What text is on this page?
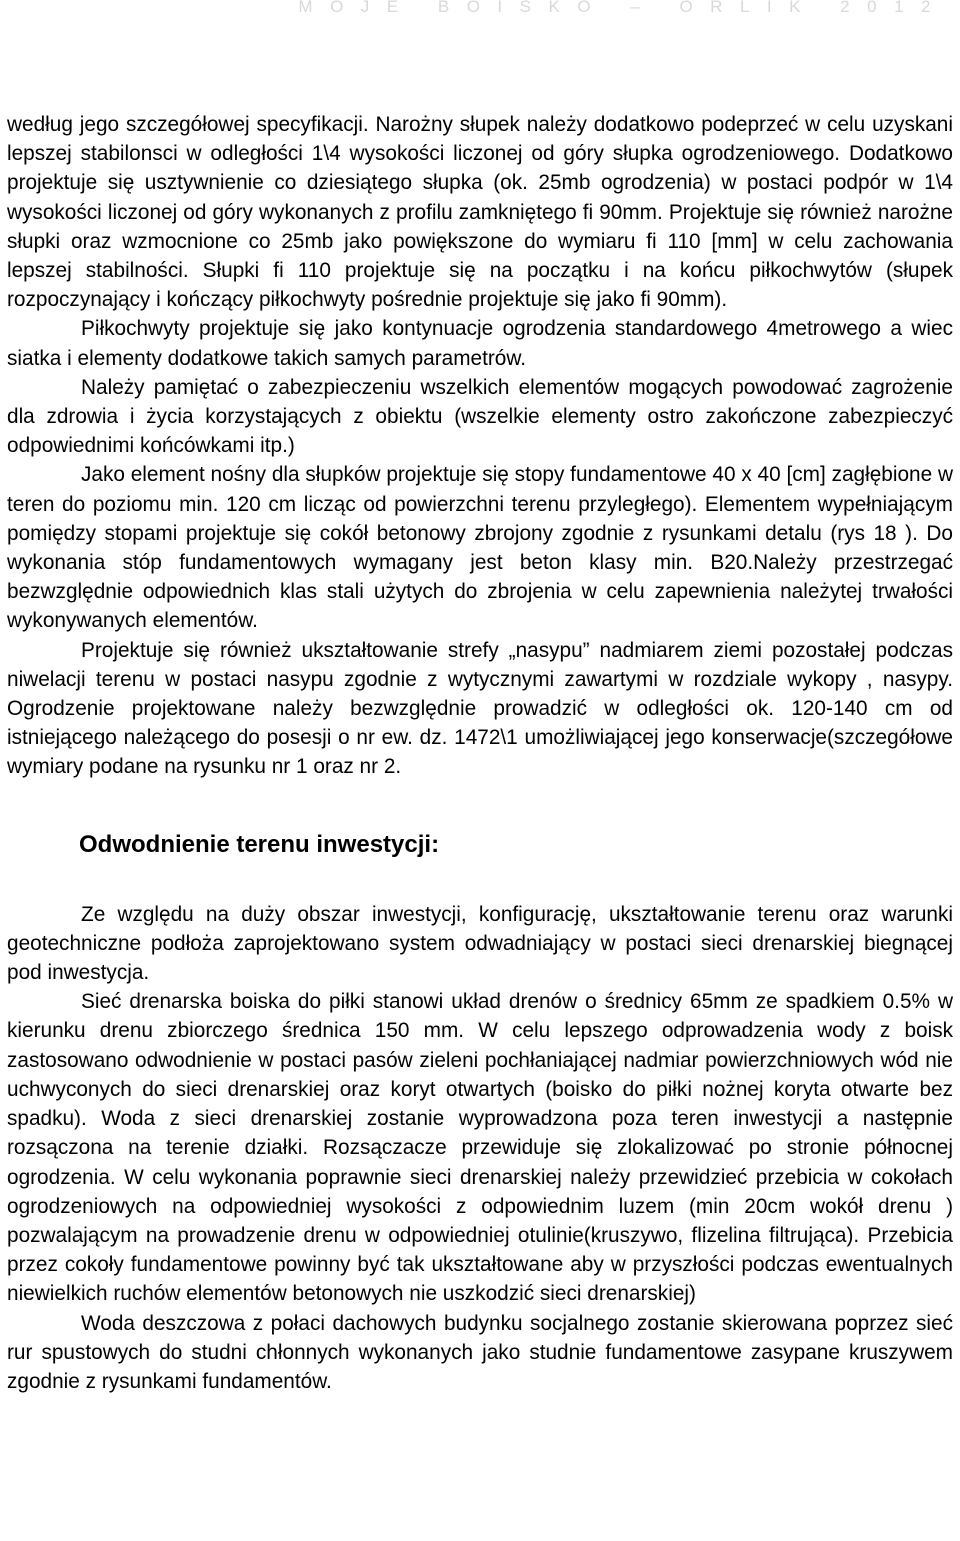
MOJE BOISKO – ORLIK 2012

według jego szczegółowej specyfikacji. Narożny słupek należy dodatkowo podeprzeć w celu uzyskani lepszej stabilonsci w odległości 1\4 wysokości liczonej od góry słupka ogrodzeniowego. Dodatkowo projektuje się usztywnienie co dziesiątego słupka (ok. 25mb ogrodzenia) w postaci podpór w 1\4 wysokości liczonej od góry wykonanych z profilu zamkniętego fi 90mm. Projektuje się również narożne słupki oraz wzmocnione co 25mb jako powiększone do wymiaru fi 110 [mm] w celu zachowania lepszej stabilności. Słupki fi 110 projektuje się na początku i na końcu piłkochwytów (słupek rozpoczynający i kończący piłkochwyty pośrednie projektuje się jako fi 90mm).

Piłkochwyty projektuje się jako kontynuacje ogrodzenia standardowego 4metrowego a wiec siatka i elementy dodatkowe takich samych parametrów.

Należy pamiętać o zabezpieczeniu wszelkich elementów mogących powodować zagrożenie dla zdrowia i życia korzystających z obiektu (wszelkie elementy ostro zakończone zabezpieczyć odpowiednimi końcówkami itp.)

Jako element nośny dla słupków projektuje się stopy fundamentowe 40 x 40 [cm] zagłębione w teren do poziomu min. 120 cm licząc od powierzchni terenu przyległego). Elementem wypełniającym pomiędzy stopami projektuje się cokół betonowy zbrojony zgodnie z rysunkami detalu (rys 18 ). Do wykonania stóp fundamentowych wymagany jest beton klasy min. B20.Należy przestrzegać bezwzględnie odpowiednich klas stali użytych do zbrojenia w celu zapewnienia należytej trwałości wykonywanych elementów.

Projektuje się również ukształtowanie strefy „nasypu” nadmiarem ziemi pozostałej podczas niwelacji terenu w postaci nasypu zgodnie z wytycznymi zawartymi w rozdziale wykopy , nasypy. Ogrodzenie projektowane należy bezwzględnie prowadzić w odległości ok. 120-140 cm od istniejącego należącego do posesji o nr ew. dz. 1472\1 umożliwiającej jego konserwacje(szczegółowe wymiary podane na rysunku nr 1 oraz nr 2.

Odwodnienie terenu inwestycji:

Ze względu na duży obszar inwestycji, konfigurację, ukształtowanie terenu oraz warunki geotechniczne podłoża zaprojektowano system odwadniający w postaci sieci drenarskiej biegnącej pod inwestycja.

Sieć drenarska boiska do piłki stanowi układ drenów o średnicy 65mm ze spadkiem 0.5% w kierunku drenu zbiorczego średnica 150 mm. W celu lepszego odprowadzenia wody z boisk zastosowano odwodnienie w postaci pasów zieleni pochłaniającej nadmiar powierzchniowych wód nie uchwyconych do sieci drenarskiej oraz koryt otwartych (boisko do piłki nożnej koryta otwarte bez spadku). Woda z sieci drenarskiej zostanie wyprowadzona poza teren inwestycji a następnie rozsączona na terenie działki. Rozsączacze przewiduje się zlokalizować po stronie północnej ogrodzenia. W celu wykonania poprawnie sieci drenarskiej należy przewidzieć przebicia w cokołach ogrodzeniowych na odpowiedniej wysokości z odpowiednim luzem (min 20cm wokół drenu ) pozwalającym na prowadzenie drenu w odpowiedniej otulinie(kruszywo, flizelina filtrująca). Przebicia przez cokoły fundamentowe powinny być tak ukształtowane aby w przyszłości podczas ewentualnych niewielkich ruchów elementów betonowych nie uszkodzić sieci drenarskiej)

Woda deszczowa z połaci dachowych budynku socjalnego zostanie skierowana poprzez sieć rur spustowych do studni chłonnych wykonanych jako studnie fundamentowe zasypane kruszywem zgodnie z rysunkami fundamentów.
